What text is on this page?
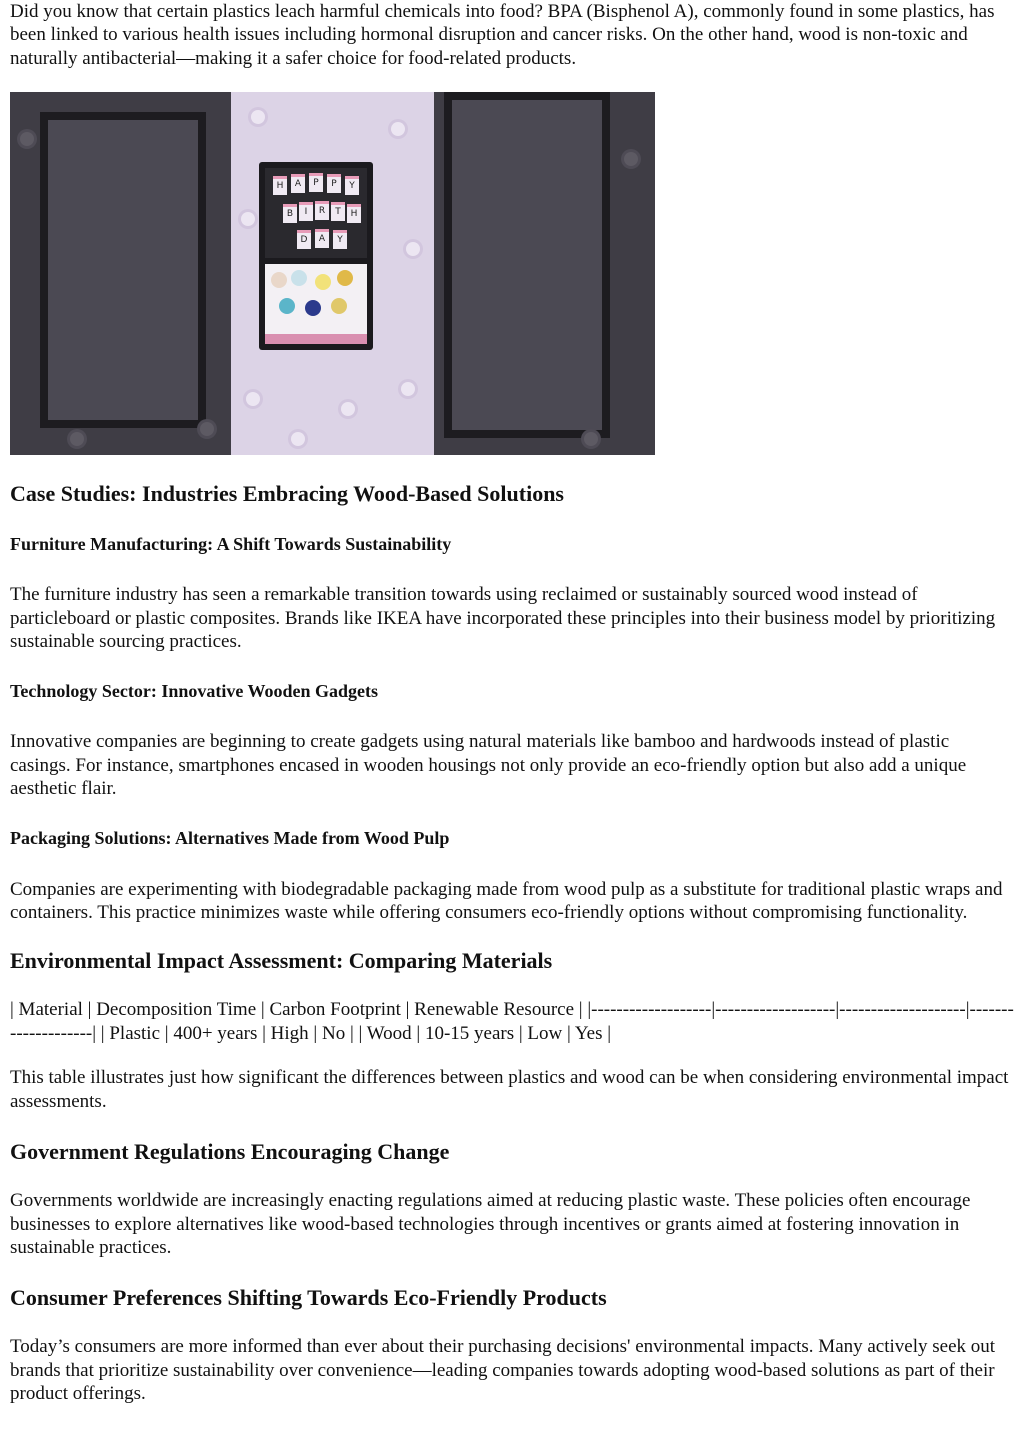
Did you know that certain plastics leach harmful chemicals into food? BPA (Bisphenol A), commonly found in some plastics, has been linked to various health issues including hormonal disruption and cancer risks. On the other hand, wood is non-toxic and naturally antibacterial—making it a safer choice for food-related products.

H	A	P	P	Y
B	I	R	T	H
D	A	Y
Case Studies: Industries Embracing Wood-Based Solutions
Furniture Manufacturing: A Shift Towards Sustainability

The furniture industry has seen a remarkable transition towards using reclaimed or sustainably sourced wood instead of particleboard or plastic composites. Brands like IKEA have incorporated these principles into their business model by prioritizing sustainable sourcing practices.

Technology Sector: Innovative Wooden Gadgets

Innovative companies are beginning to create gadgets using natural materials like bamboo and hardwoods instead of plastic casings. For instance, smartphones encased in wooden housings not only provide an eco-friendly option but also add a unique aesthetic flair.

Packaging Solutions: Alternatives Made from Wood Pulp

Companies are experimenting with biodegradable packaging made from wood pulp as a substitute for traditional plastic wraps and containers. This practice minimizes waste while offering consumers eco-friendly options without compromising functionality.

Environmental Impact Assessment: Comparing Materials

| Material | Decomposition Time | Carbon Footprint | Renewable Resource | |-------------------|-------------------|--------------------|--------------------| | Plastic | 400+ years | High | No | | Wood | 10-15 years | Low | Yes |

This table illustrates just how significant the differences between plastics and wood can be when considering environmental impact assessments.

Government Regulations Encouraging Change

Governments worldwide are increasingly enacting regulations aimed at reducing plastic waste. These policies often encourage businesses to explore alternatives like wood-based technologies through incentives or grants aimed at fostering innovation in sustainable practices.

Consumer Preferences Shifting Towards Eco-Friendly Products

Today’s consumers are more informed than ever about their purchasing decisions' environmental impacts. Many actively seek out brands that prioritize sustainability over convenience—leading companies towards adopting wood-based solutions as part of their product offerings.
